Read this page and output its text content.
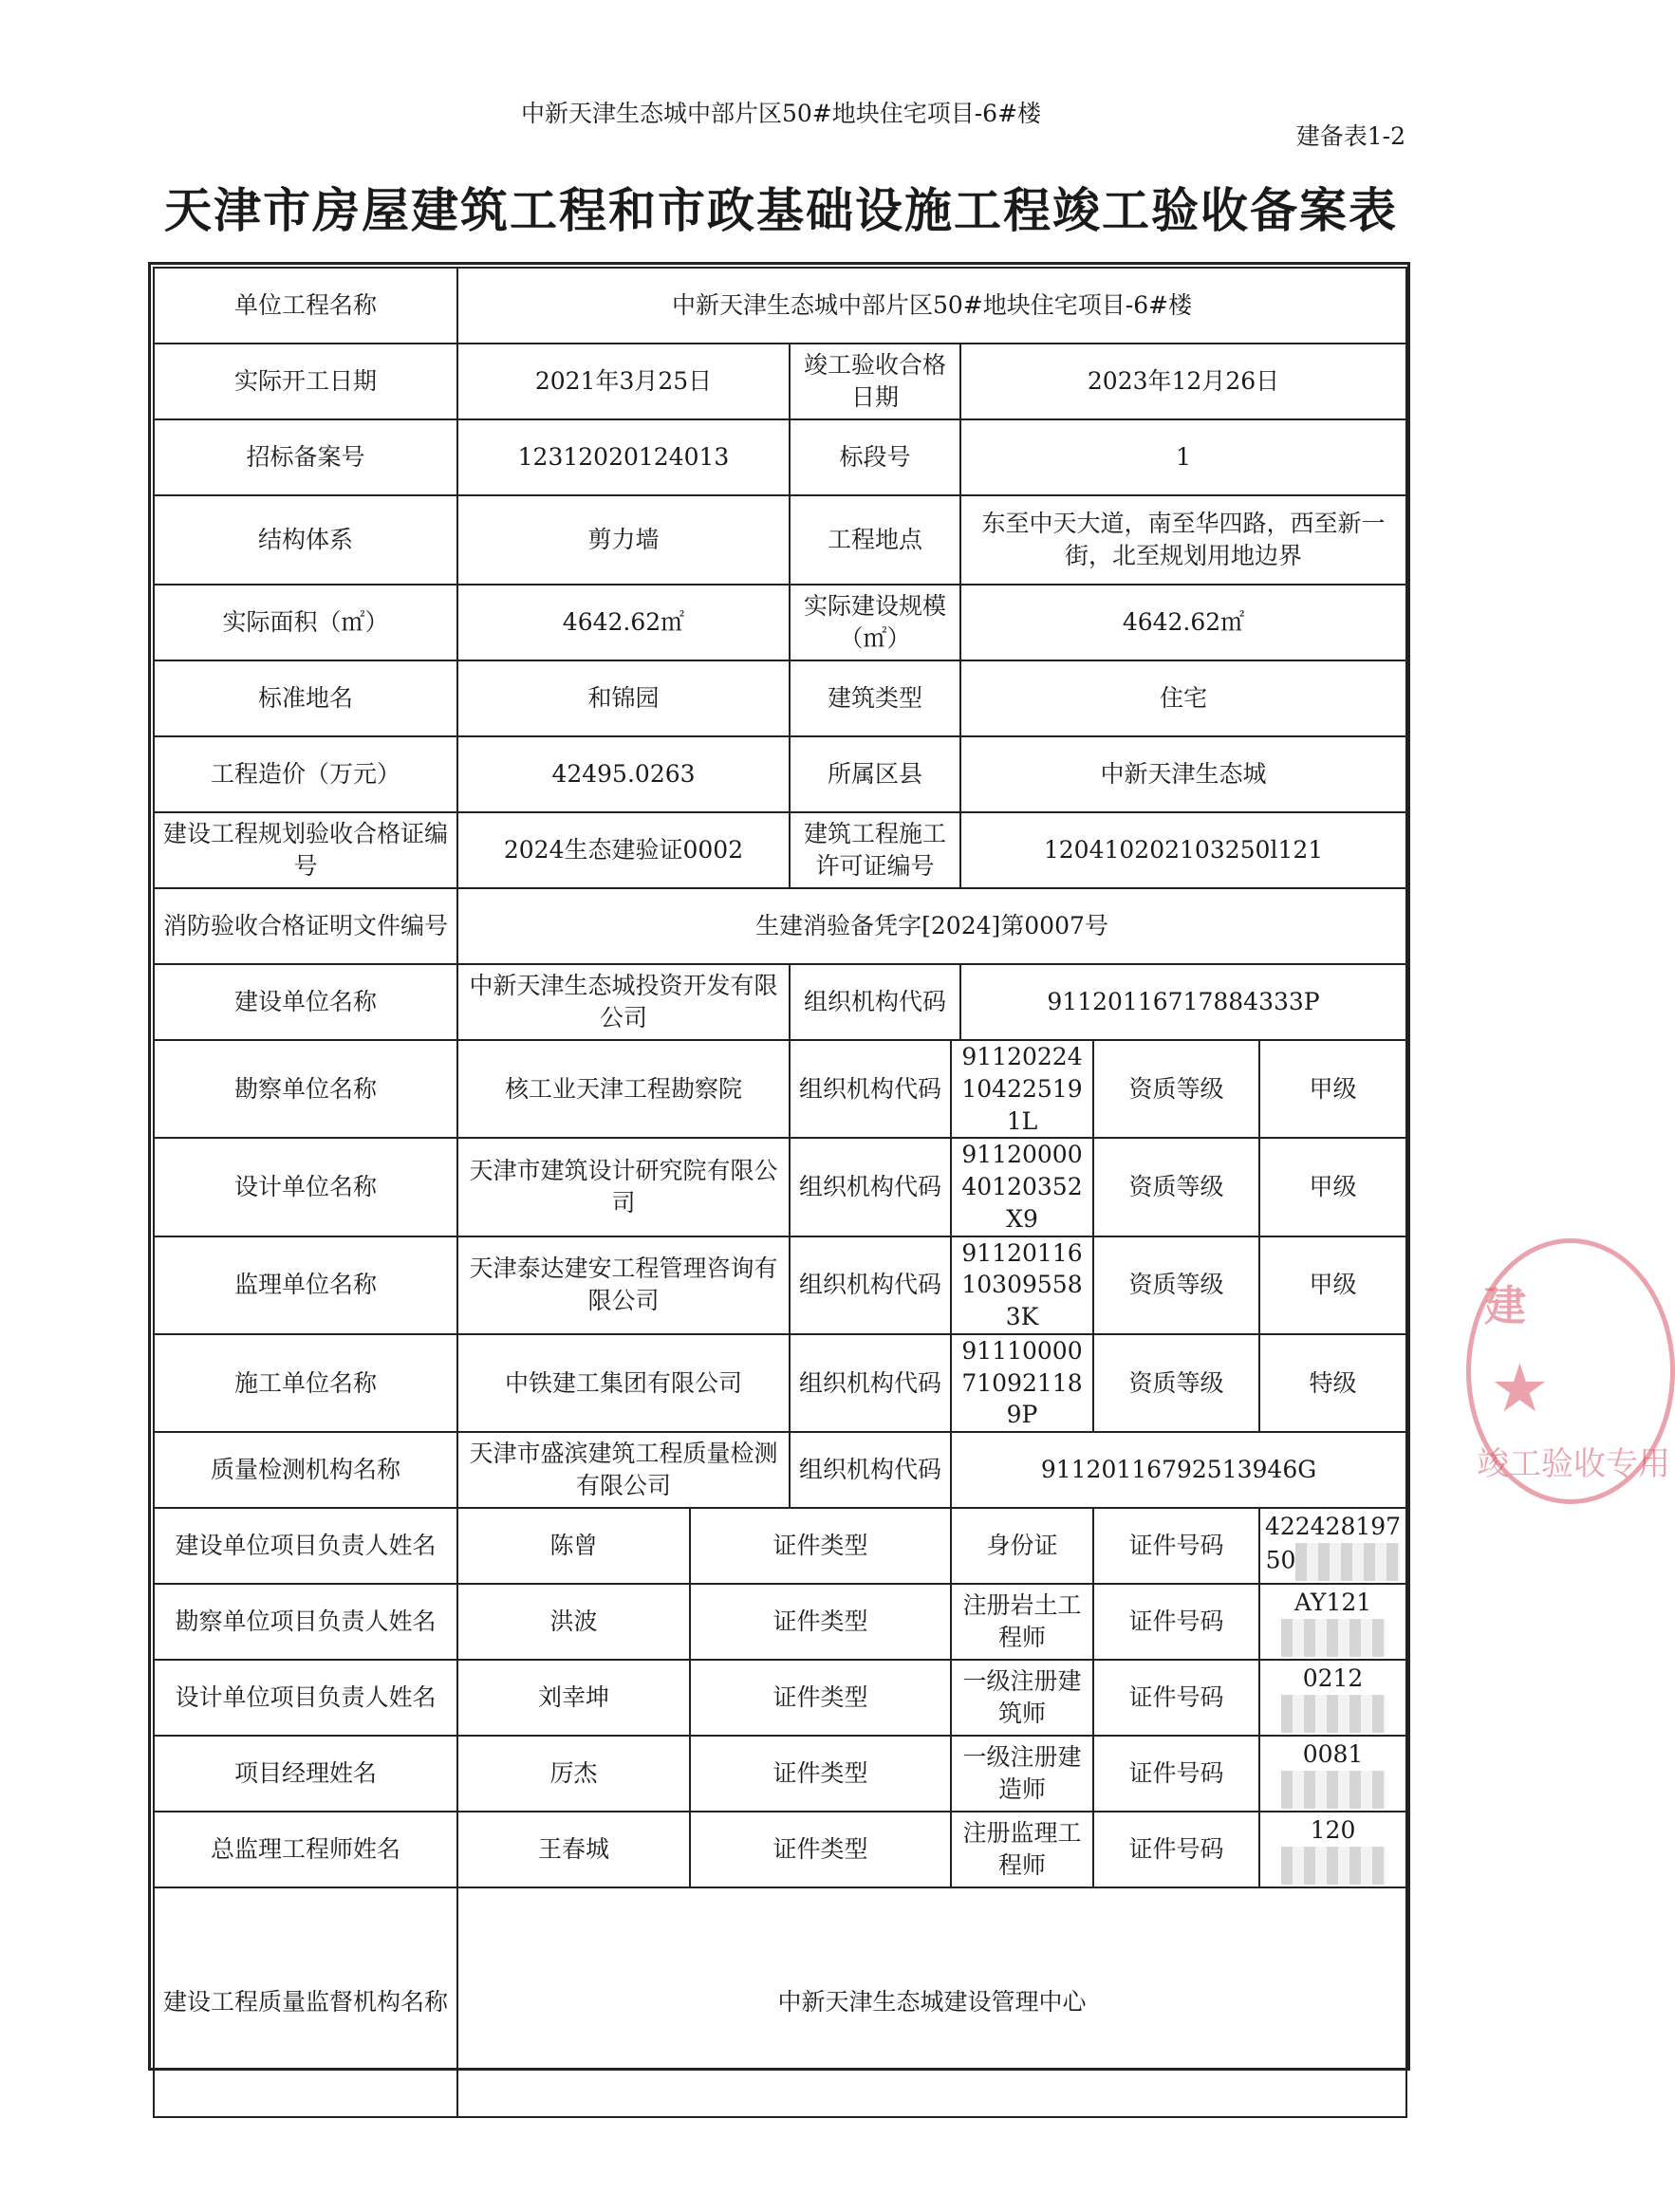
中新天津生态城中部片区50#地块住宅项目-6#楼
建备表1-2
天津市房屋建筑工程和市政基础设施工程竣工验收备案表
单位工程名称	中新天津生态城中部片区50#地块住宅项目-6#楼						
实际开工日期	2021年3月25日		竣工验收合格日期		2023年12月26日		
招标备案号	12312020124013		标段号		1		
结构体系	剪力墙		工程地点		东至中天大道，南至华四路，西至新一街，北至规划用地边界		
实际面积（㎡）	4642.62㎡		实际建设规模（㎡）		4642.62㎡		
标准地名	和锦园		建筑类型		住宅		
工程造价（万元）	42495.0263		所属区县		中新天津生态城		
建设工程规划验收合格证编号	2024生态建验证0002		建筑工程施工许可证编号		120410202103250l121		
消防验收合格证明文件编号	生建消验备凭字[2024]第0007号						
建设单位名称	中新天津生态城投资开发有限公司		组织机构代码		91120116717884333P		
勘察单位名称	核工业天津工程勘察院		组织机构代码	91120224104225191L		资质等级	甲级
设计单位名称	天津市建筑设计研究院有限公司		组织机构代码	9112000040120352X9		资质等级	甲级
监理单位名称	天津泰达建安工程管理咨询有限公司		组织机构代码	91120116103095583K		资质等级	甲级
施工单位名称	中铁建工集团有限公司		组织机构代码	91110000710921189P		资质等级	特级
质量检测机构名称	天津市盛滨建筑工程质量检测有限公司		组织机构代码	91120116792513946G			
建设单位项目负责人姓名	陈曾	证件类型		身份证		证件号码	42242819750
勘察单位项目负责人姓名	洪波	证件类型		注册岩土工程师		证件号码	AY121
设计单位项目负责人姓名	刘幸坤	证件类型		一级注册建筑师		证件号码	0212
项目经理姓名	厉杰	证件类型		一级注册建造师		证件号码	0081
总监理工程师姓名	王春城	证件类型		注册监理工程师		证件号码	120
建设工程质量监督机构名称	中新天津生态城建设管理中心						
建
★
竣工验收专用
